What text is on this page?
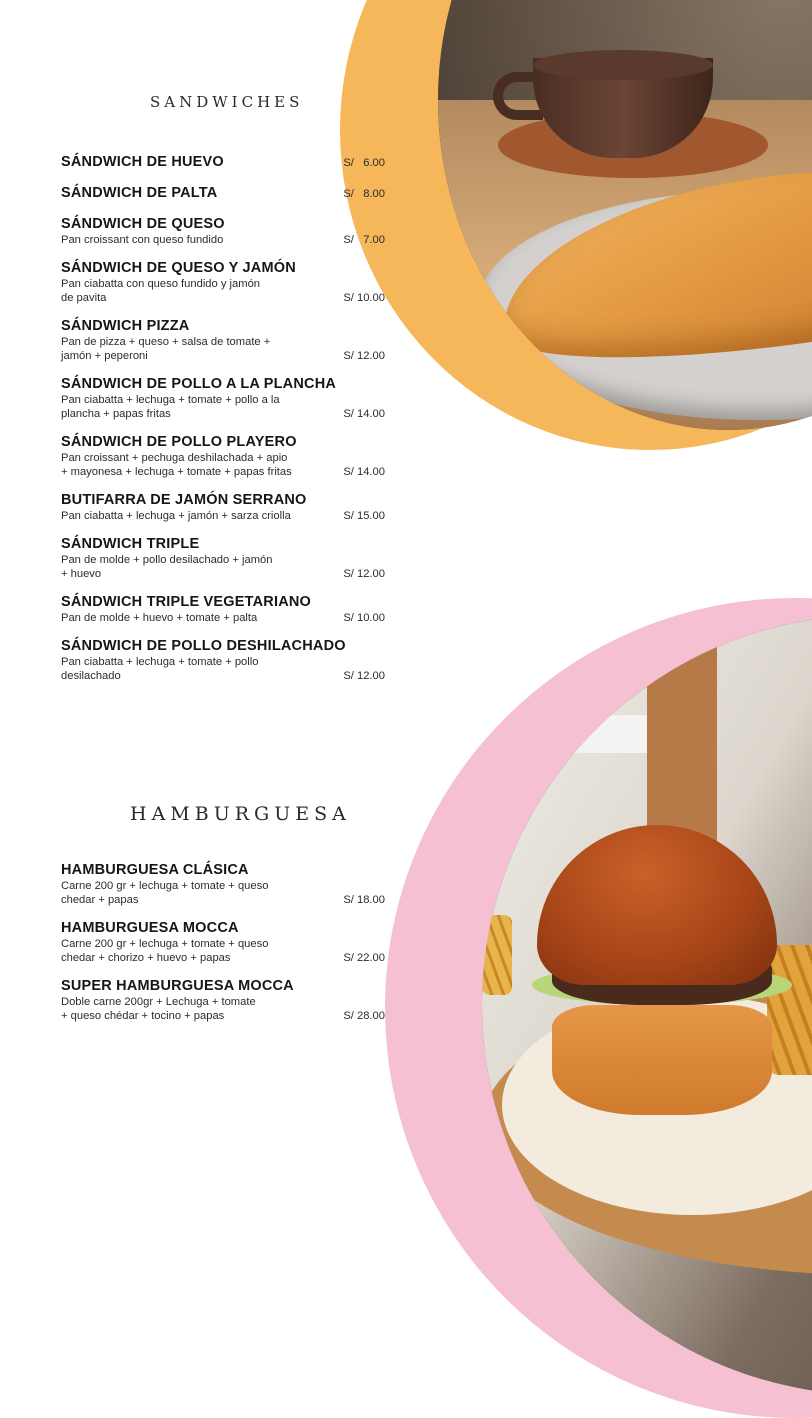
SANDWICHES
SÁNDWICH DE HUEVO	S/   6.00
SÁNDWICH DE PALTA	S/   8.00
SÁNDWICH DE QUESO
Pan croissant con queso fundido	S/   7.00
SÁNDWICH DE QUESO Y JAMÓN
Pan ciabatta con queso fundido y jamón
de pavita	S/ 10.00
SÁNDWICH PIZZA
Pan de pizza + queso + salsa de tomate +
jamón + peperoni	S/ 12.00
SÁNDWICH DE POLLO A LA PLANCHA
Pan ciabatta + lechuga + tomate + pollo a la
plancha + papas fritas	S/ 14.00
SÁNDWICH DE POLLO PLAYERO
Pan croissant + pechuga deshilachada + apio
+ mayonesa + lechuga + tomate + papas fritas	S/ 14.00
BUTIFARRA DE JAMÓN SERRANO
Pan ciabatta + lechuga + jamón + sarza criolla	S/ 15.00
SÁNDWICH TRIPLE
Pan de molde + pollo desilachado + jamón
+ huevo	S/ 12.00
SÁNDWICH TRIPLE VEGETARIANO
Pan de molde + huevo + tomate + palta	S/ 10.00
SÁNDWICH DE POLLO DESHILACHADO
Pan ciabatta + lechuga + tomate + pollo
desilachado	S/ 12.00
HAMBURGUESA
HAMBURGUESA CLÁSICA
Carne 200 gr + lechuga + tomate + queso
chedar + papas	S/ 18.00
HAMBURGUESA MOCCA
Carne 200 gr + lechuga + tomate + queso
chedar + chorizo + huevo + papas	S/ 22.00
SUPER HAMBURGUESA MOCCA
Doble carne 200gr + Lechuga + tomate
+ queso chédar + tocino + papas	S/ 28.00
